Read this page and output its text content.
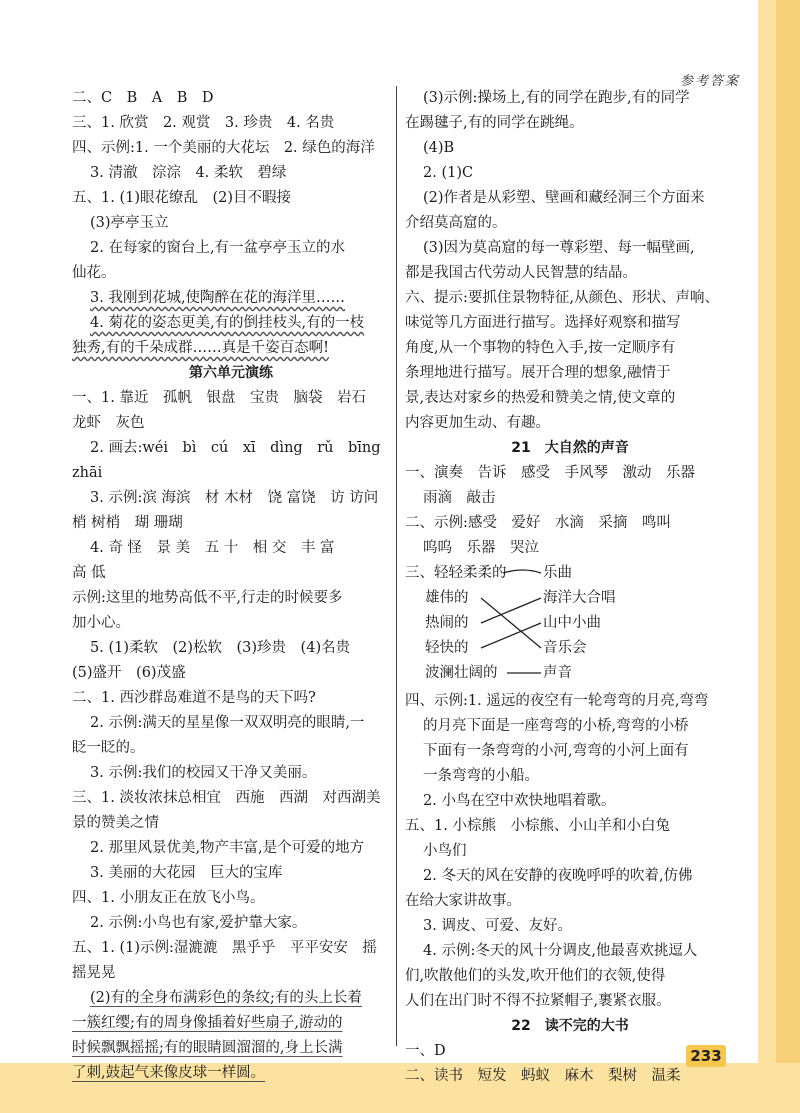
参考答案
二、C　B　A　B　D
三、1. 欣赏　2. 观赏　3. 珍贵　4. 名贵
四、示例:1. 一个美丽的大花坛　2. 绿色的海洋
3. 清澈　淙淙　4. 柔软　碧绿
五、1. (1)眼花缭乱　(2)目不暇接
(3)亭亭玉立
2. 在每家的窗台上,有一盆亭亭玉立的水
仙花。
3. 我刚到花城,使陶醉在花的海洋里……
4. 菊花的姿态更美,有的倒挂枝头,有的一枝
独秀,有的千朵成群……真是千姿百态啊!
第六单元演练
一、1. 靠近　孤帆　银盘　宝贵　脑袋　岩石
龙虾　灰色
2. 画去:wéi　bì　cú　xī　dìng　rǔ　bīng
zhāi
3. 示例:滨 海滨　材 木材　饶 富饶　访 访问
梢 树梢　瑚 珊瑚
4. 奇 怪　景 美　五 十　相 交　丰 富
高 低
示例:这里的地势高低不平,行走的时候要多
加小心。
5. (1)柔软　(2)松软　(3)珍贵　(4)名贵
(5)盛开　(6)茂盛
二、1. 西沙群岛难道不是鸟的天下吗?
2. 示例:满天的星星像一双双明亮的眼睛,一
眨一眨的。
3. 示例:我们的校园又干净又美丽。
三、1. 淡妆浓抹总相宜　西施　西湖　对西湖美
景的赞美之情
2. 那里风景优美,物产丰富,是个可爱的地方
3. 美丽的大花园　巨大的宝库
四、1. 小朋友正在放飞小鸟。
2. 示例:小鸟也有家,爱护靠大家。
五、1. (1)示例:湿漉漉　黑乎乎　平平安安　摇
摇晃晃
(2)有的全身布满彩色的条纹;有的头上长着
一簇红缨;有的周身像插着好些扇子,游动的
时候飘飘摇摇;有的眼睛圆溜溜的,身上长满
了刺,鼓起气来像皮球一样圆。
(3)示例:操场上,有的同学在跑步,有的同学
在踢毽子,有的同学在跳绳。
(4)B
2. (1)C
(2)作者是从彩塑、壁画和藏经洞三个方面来
介绍莫高窟的。
(3)因为莫高窟的每一尊彩塑、每一幅壁画,
都是我国古代劳动人民智慧的结晶。
六、提示:要抓住景物特征,从颜色、形状、声响、
味觉等几方面进行描写。选择好观察和描写
角度,从一个事物的特色入手,按一定顺序有
条理地进行描写。展开合理的想象,融情于
景,表达对家乡的热爱和赞美之情,使文章的
内容更加生动、有趣。
21　大自然的声音
一、演奏　告诉　感受　手风琴　激动　乐器
雨滴　敲击
二、示例:感受　爱好　水滴　采摘　鸣叫
呜呜　乐器　哭泣
三、轻轻柔柔的
雄伟的
热闹的
轻快的
波澜壮阔的
乐曲
海洋大合唱
山中小曲
音乐会
声音
四、示例:1. 遥远的夜空有一轮弯弯的月亮,弯弯
的月亮下面是一座弯弯的小桥,弯弯的小桥
下面有一条弯弯的小河,弯弯的小河上面有
一条弯弯的小船。
2. 小鸟在空中欢快地唱着歌。
五、1. 小棕熊　小棕熊、小山羊和小白兔
小鸟们
2. 冬天的风在安静的夜晚呼呼的吹着,仿佛
在给大家讲故事。
3. 调皮、可爱、友好。
4. 示例:冬天的风十分调皮,他最喜欢挑逗人
们,吹散他们的头发,吹开他们的衣领,使得
人们在出门时不得不拉紧帽子,裹紧衣服。
22　读不完的大书
一、D
二、读书　短发　蚂蚁　麻木　梨树　温柔
233
